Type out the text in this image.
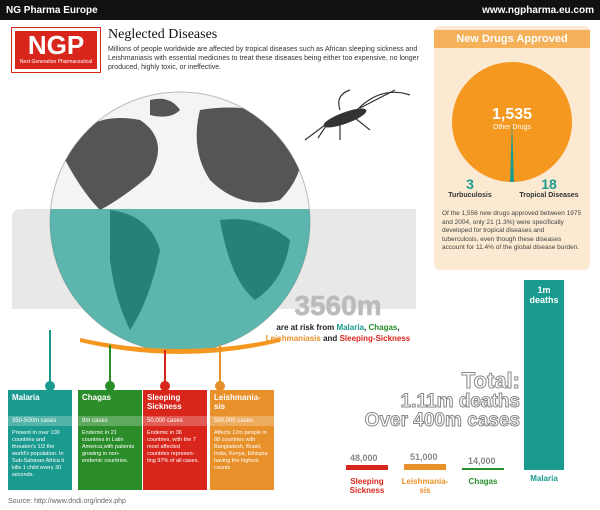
NG Pharma Europe	www.ngpharma.eu.com
NGP
Next Generation Pharmaceutical
Neglected Diseases
Millions of people worldwide are affected by tropical diseases such as African sleeping sickness and Leishmaniasis with essential medicines to treat these diseases being either too expensive, no longer produced, highly toxic, or ineffective.
3560m
are at risk from Malaria, Chagas,
Leishmaniasis and Sleeping-Sickness
New Drugs Approved
1,535
Other Drugs
3
Turbuculosis
18
Tropical Diseases
Of the 1,556 new drugs approved between 1975 and 2004, only 21 (1.3%) were specifically developed for tropical diseases and tuberculosis, even though these diseases account for 11.4% of the global disease burden.
Malaria
350-500m cases
Present in over 100 countries and threaten's 1/2 the world's population. In Sub-Saharan Africa it kills 1 child every 30 seconds.
Chagas
9m cases
Endemic in 21 countries in Latin America,with patients growing in non-endemic countries.
Sleeping Sickness
50,000 cases
Endemic in 36 countries, with the 7 most affected countries represen-ting 97% of all cases.
Leishmania-sis
500,000 cases
Affects 12m people in 88 countries with Bangladesh, Brasil, India, Kenya, Ethiopia having the highest counts
Total:
1.11m deaths
Over 400m cases
1m deaths
Malaria
48,000
Sleeping Sickness
51,000
Leishmania-sis
14,000
Chagas
Source: http://www.dndi.org/index.php
